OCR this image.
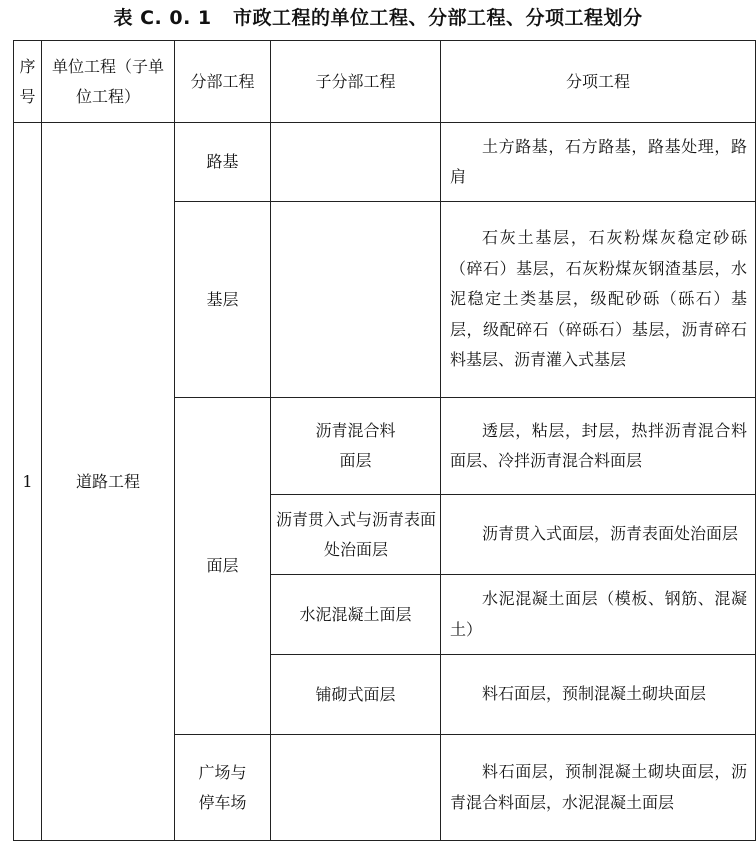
表 C. 0. 1   市政工程的单位工程、分部工程、分项工程划分
序号	单位工程（子单位工程）	分部工程	子分部工程	分项工程
1	道路工程	路基		土方路基，石方路基，路基处理，路肩

		基层		石灰土基层，石灰粉煤灰稳定砂砾（碎石）基层，石灰粉煤灰钢渣基层，水泥稳定土类基层，级配砂砾（砾石）基层，级配碎石（碎砾石）基层，沥青碎石料基层、沥青灌入式基层

		面层	沥青混合料面层	透层，粘层，封层，热拌沥青混合料面层、冷拌沥青混合料面层

			沥青贯入式与沥青表面处治面层	沥青贯入式面层，沥青表面处治面层

			水泥混凝土面层	水泥混凝土面层（模板、钢筋、混凝土）

			铺砌式面层	料石面层，预制混凝土砌块面层

		广场与停车场		料石面层，预制混凝土砌块面层，沥青混合料面层，水泥混凝土面层
